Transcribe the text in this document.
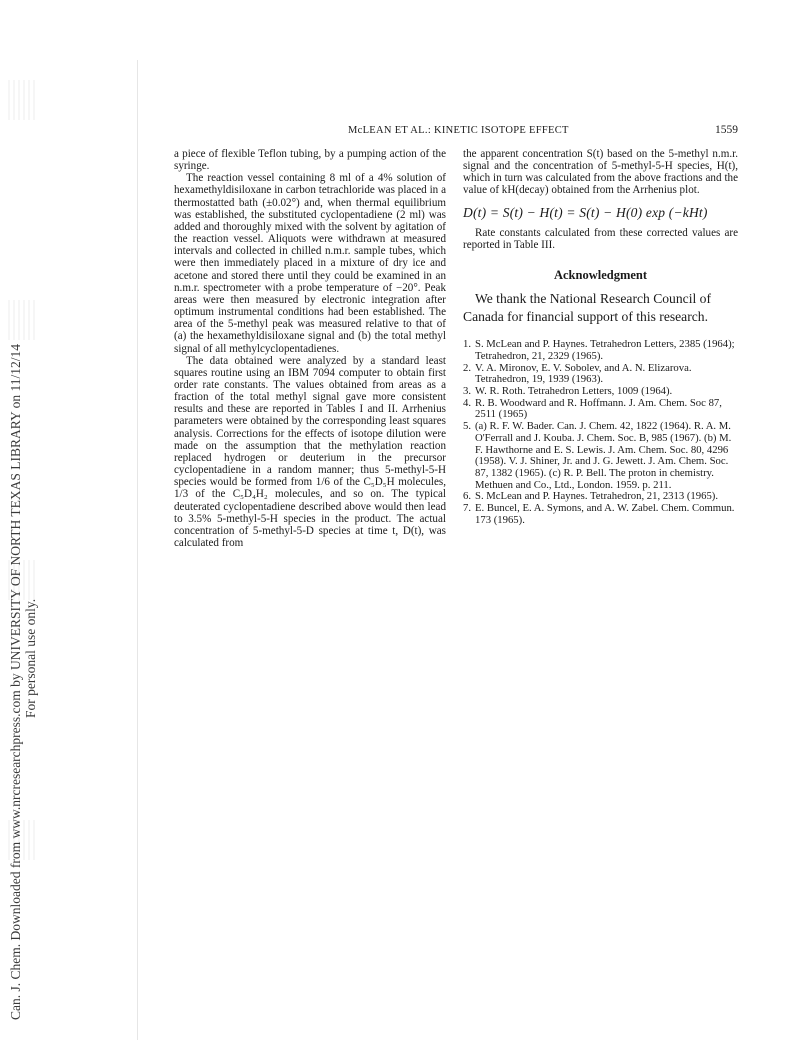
Can. J. Chem. Downloaded from www.nrcresearchpress.com by UNIVERSITY OF NORTH TEXAS LIBRARY on 11/12/14 For personal use only.
McLEAN ET AL.: KINETIC ISOTOPE EFFECT	1559

a piece of flexible Teflon tubing, by a pumping action of the syringe.

The reaction vessel containing 8 ml of a 4% solution of hexamethyldisiloxane in carbon tetrachloride was placed in a thermostatted bath (±0.02°) and, when thermal equilibrium was established, the substituted cyclopentadiene (2 ml) was added and thoroughly mixed with the solvent by agitation of the reaction vessel. Aliquots were withdrawn at measured intervals and collected in chilled n.m.r. sample tubes, which were then immediately placed in a mixture of dry ice and acetone and stored there until they could be examined in an n.m.r. spectrometer with a probe temperature of −20°. Peak areas were then measured by electronic integration after optimum instrumental conditions had been established. The area of the 5-methyl peak was measured relative to that of (a) the hexamethyldisiloxane signal and (b) the total methyl signal of all methylcyclopentadienes.

The data obtained were analyzed by a standard least squares routine using an IBM 7094 computer to obtain first order rate constants. The values obtained from areas as a fraction of the total methyl signal gave more consistent results and these are reported in Tables I and II. Arrhenius parameters were obtained by the corresponding least squares analysis. Corrections for the effects of isotope dilution were made on the assumption that the methylation reaction replaced hydrogen or deuterium in the precursor cyclopentadiene in a random manner; thus 5-methyl-5-H species would be formed from 1/6 of the C₅D₅H molecules, 1/3 of the C₅D₄H₂ molecules, and so on. The typical deuterated cyclopentadiene described above would then lead to 3.5% 5-methyl-5-H species in the product. The actual concentration of 5-methyl-5-D species at time t, D(t), was calculated from

the apparent concentration S(t) based on the 5-methyl n.m.r. signal and the concentration of 5-methyl-5-H species, H(t), which in turn was calculated from the above fractions and the value of kH(decay) obtained from the Arrhenius plot.

D(t) = S(t) − H(t) = S(t) − H(0) exp (−kHt)

Rate constants calculated from these corrected values are reported in Table III.

Acknowledgment

We thank the National Research Council of Canada for financial support of this research.

1. S. McLean and P. Haynes. Tetrahedron Letters, 2385 (1964); Tetrahedron, 21, 2329 (1965).
2. V. A. Mironov, E. V. Sobolev, and A. N. Elizarova. Tetrahedron, 19, 1939 (1963).
3. W. R. Roth. Tetrahedron Letters, 1009 (1964).
4. R. B. Woodward and R. Hoffmann. J. Am. Chem. Soc 87, 2511 (1965)
5. (a) R. F. W. Bader. Can. J. Chem. 42, 1822 (1964). R. A. M. O'Ferrall and J. Kouba. J. Chem. Soc. B, 985 (1967). (b) M. F. Hawthorne and E. S. Lewis. J. Am. Chem. Soc. 80, 4296 (1958). V. J. Shiner, Jr. and J. G. Jewett. J. Am. Chem. Soc. 87, 1382 (1965). (c) R. P. Bell. The proton in chemistry. Methuen and Co., Ltd., London. 1959. p. 211.
6. S. McLean and P. Haynes. Tetrahedron, 21, 2313 (1965).
7. E. Buncel, E. A. Symons, and A. W. Zabel. Chem. Commun. 173 (1965).
